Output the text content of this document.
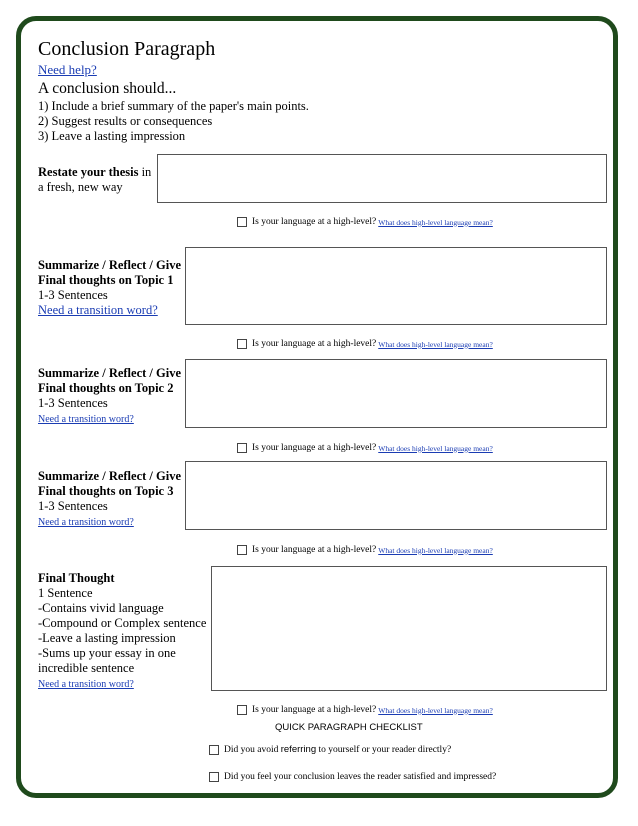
Conclusion Paragraph
Need help?
A conclusion should...
1) Include a brief summary of the paper's main points.
2) Suggest results or consequences
3) Leave a lasting impression
Restate your thesis in
a fresh, new way
Is your language at a high-level? What does high-level language mean?
Summarize / Reflect / Give
Final thoughts on Topic 1
1-3 Sentences
Need a transition word?
Is your language at a high-level? What does high-level language mean?
Summarize / Reflect / Give
Final thoughts on Topic 2
1-3 Sentences
Need a transition word?
Is your language at a high-level? What does high-level language mean?
Summarize / Reflect / Give
Final thoughts on Topic 3
1-3 Sentences
Need a transition word?
Is your language at a high-level? What does high-level language mean?
Final Thought
1 Sentence
-Contains vivid language
-Compound or Complex sentence
-Leave a lasting impression
-Sums up your essay in one
incredible sentence
Need a transition word?
Is your language at a high-level? What does high-level language mean?
QUICK PARAGRAPH CHECKLIST
Did you avoid referring to yourself or your reader directly?
Did you feel your conclusion leaves the reader satisfied and impressed?
